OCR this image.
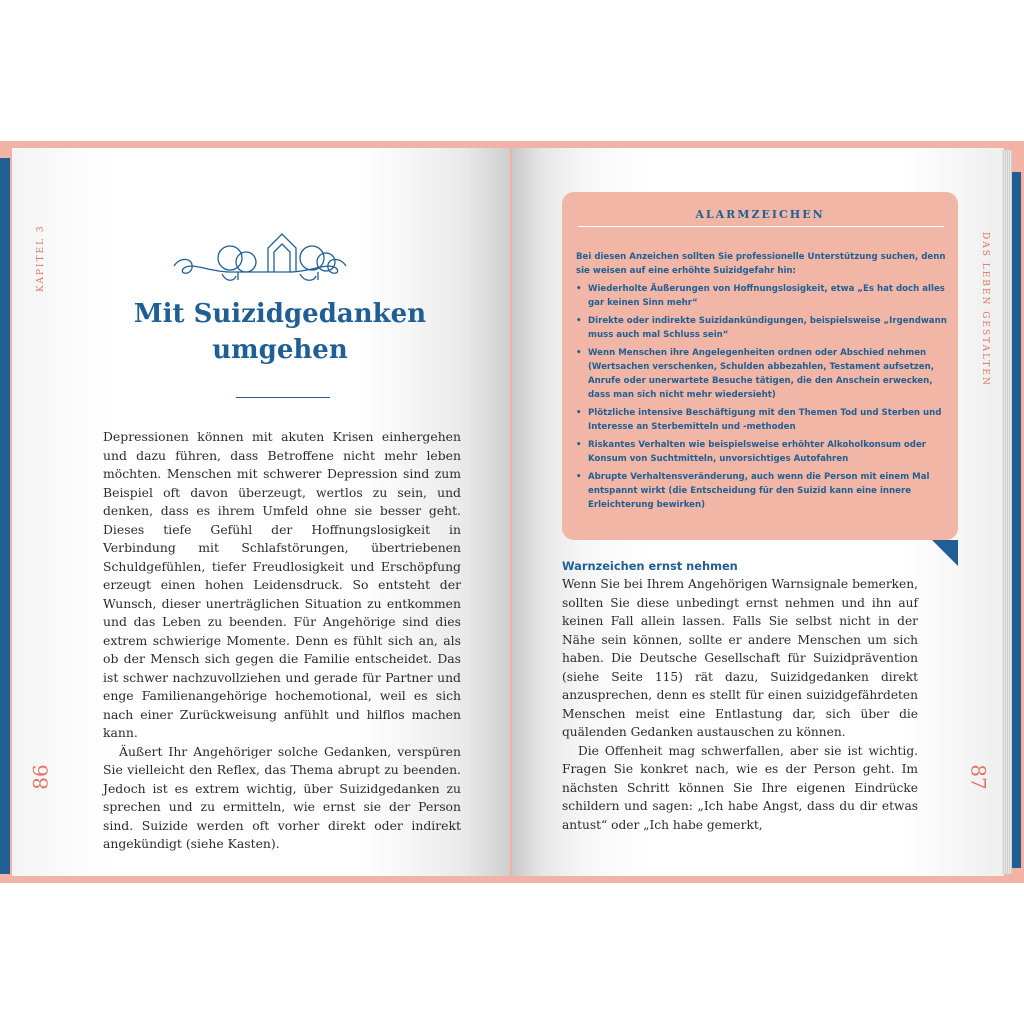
KAPITEL 3
86
Mit Suizidgedanken
umgehen

Depressionen können mit akuten Krisen einhergehen und dazu führen, dass Betroffene nicht mehr leben möchten. Menschen mit schwerer Depression sind zum Beispiel oft davon überzeugt, wertlos zu sein, und denken, dass es ihrem Umfeld ohne sie besser geht. Dieses tiefe Gefühl der Hoffnungslosigkeit in Verbindung mit Schlafstörungen, übertriebenen Schuldgefühlen, tiefer Freudlosigkeit und Erschöpfung erzeugt einen hohen Leidensdruck. So entsteht der Wunsch, dieser unerträglichen Situation zu entkommen und das Leben zu beenden. Für Angehörige sind dies extrem schwierige Momente. Denn es fühlt sich an, als ob der Mensch sich gegen die Familie entscheidet. Das ist schwer nachzuvollziehen und gerade für Partner und enge Familienangehörige hochemotional, weil es sich nach einer Zurückweisung anfühlt und hilflos machen kann.

Äußert Ihr Angehöriger solche Gedanken, verspüren Sie vielleicht den Reflex, das Thema abrupt zu beenden. Jedoch ist es extrem wichtig, über Suizidgedanken zu sprechen und zu ermitteln, wie ernst sie der Person sind. Suizide werden oft vorher direkt oder indirekt angekündigt (siehe Kasten).

DAS LEBEN GESTALTEN
87
ALARMZEICHEN
Bei diesen Anzeichen sollten Sie professionelle Unterstützung suchen, denn sie weisen auf eine erhöhte Suizidgefahr hin:
• Wiederholte Äußerungen von Hoffnungslosigkeit, etwa „Es hat doch alles gar keinen Sinn mehr“
• Direkte oder indirekte Suizidankündigungen, beispielsweise „Irgendwann muss auch mal Schluss sein“
• Wenn Menschen ihre Angelegenheiten ordnen oder Abschied nehmen (Wertsachen verschenken, Schulden abbezahlen, Testament aufsetzen, Anrufe oder unerwartete Besuche tätigen, die den Anschein erwecken, dass man sich nicht mehr wiedersieht)
• Plötzliche intensive Beschäftigung mit den Themen Tod und Sterben und Interesse an Sterbemitteln und -methoden
• Riskantes Verhalten wie beispielsweise erhöhter Alkoholkonsum oder Konsum von Suchtmitteln, unvorsichtiges Autofahren
• Abrupte Verhaltensveränderung, auch wenn die Person mit einem Mal entspannt wirkt (die Entscheidung für den Suizid kann eine innere Erleichterung bewirken)
Warnzeichen ernst nehmen

Wenn Sie bei Ihrem Angehörigen Warnsignale bemerken, sollten Sie diese unbedingt ernst nehmen und ihn auf keinen Fall allein lassen. Falls Sie selbst nicht in der Nähe sein können, sollte er andere Menschen um sich haben. Die Deutsche Gesellschaft für Suizidprävention (siehe Seite 115) rät dazu, Suizidgedanken direkt anzusprechen, denn es stellt für einen suizidgefährdeten Menschen meist eine Entlastung dar, sich über die quälenden Gedanken austauschen zu können.

Die Offenheit mag schwerfallen, aber sie ist wichtig. Fragen Sie konkret nach, wie es der Person geht. Im nächsten Schritt können Sie Ihre eigenen Eindrücke schildern und sagen: „Ich habe Angst, dass du dir etwas antust“ oder „Ich habe gemerkt,
